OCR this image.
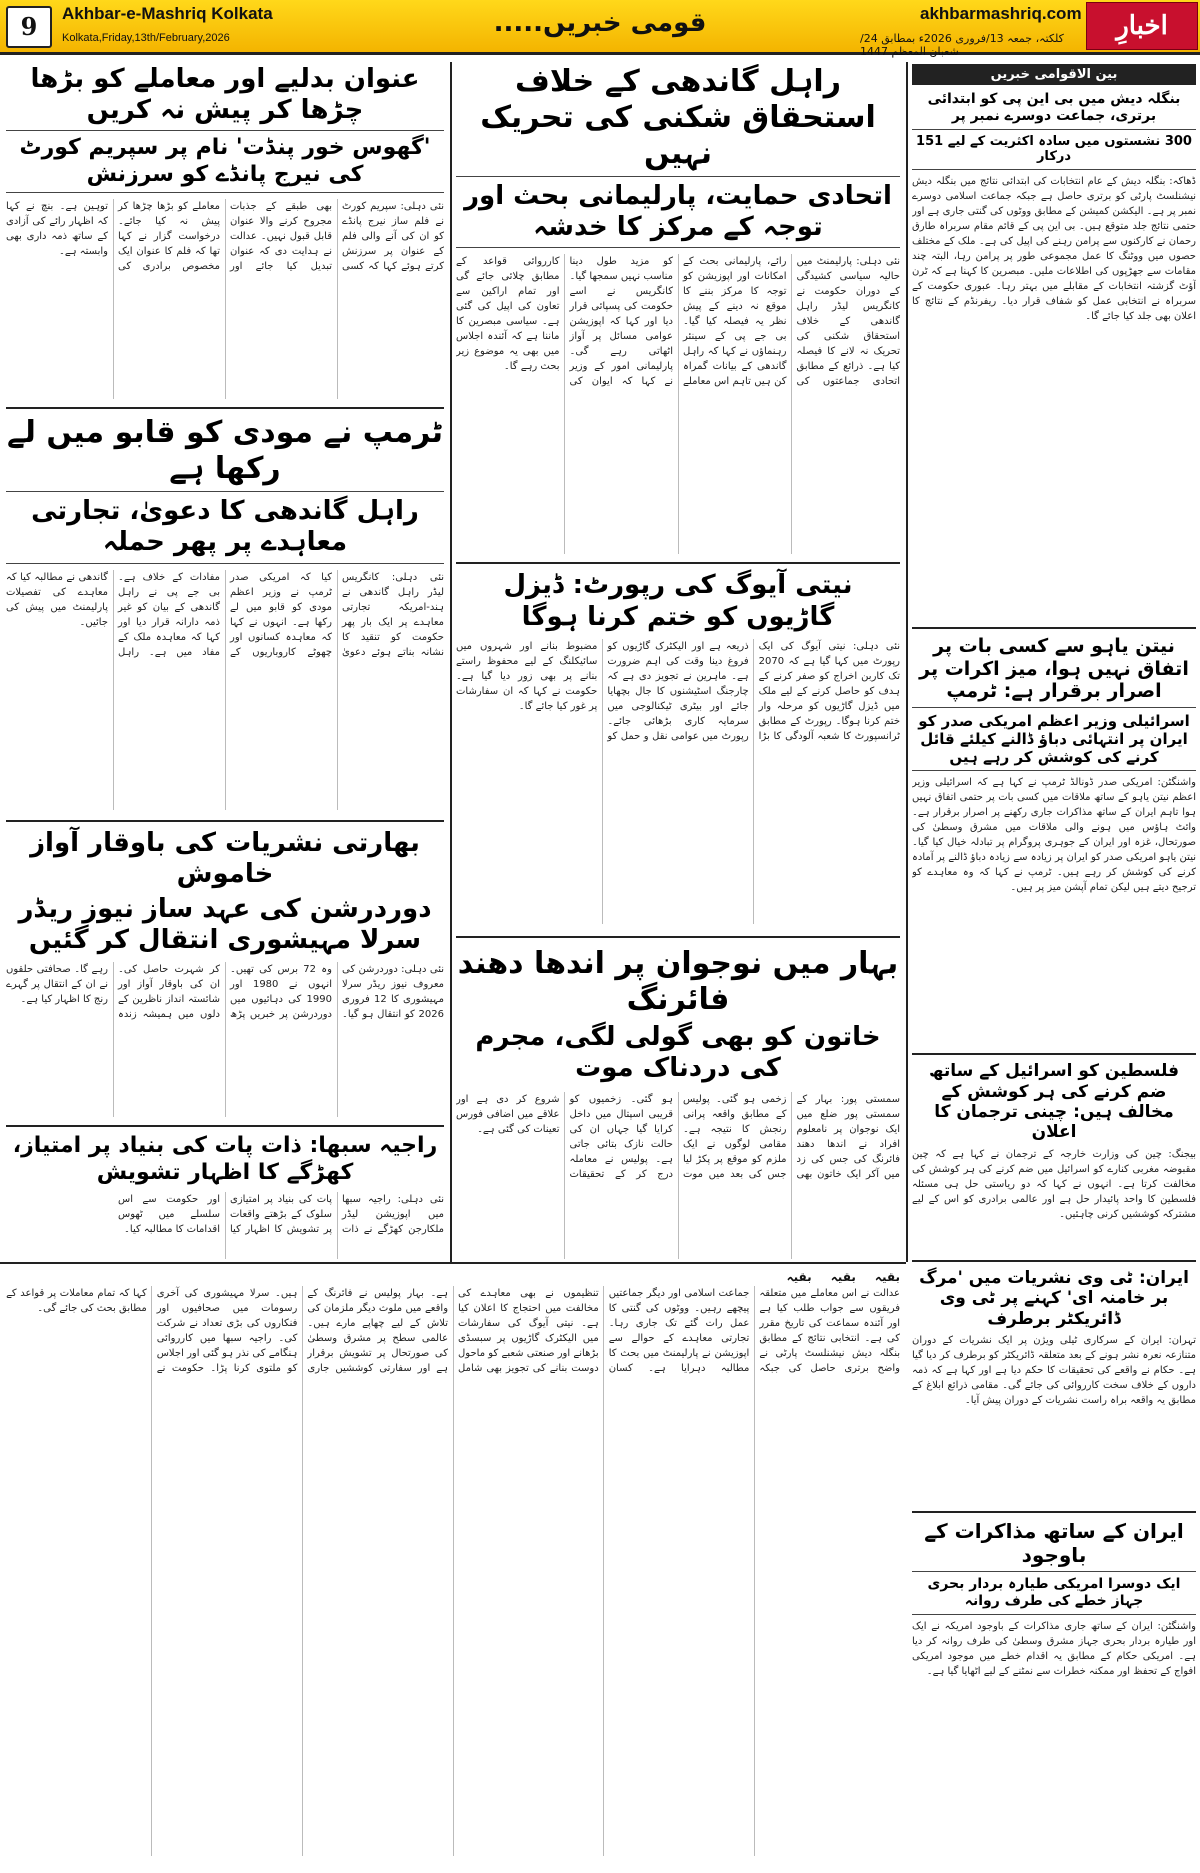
9	Akhbar-e-Mashriq Kolkata
Kolkata,Friday,13th/February,2026	قومی خبریں.....	akhbarmashriq.com
کلکتہ، جمعہ 13/فروری 2026ء بمطابق 24/شعبان المعظم 1447
اخبارِ
بین الاقوامی خبریں
بنگلہ دیش میں بی این پی کو ابتدائی برتری، جماعت دوسرے نمبر پر
300 نشستوں میں سادہ اکثریت کے لیے 151 درکار
ڈھاکہ: بنگلہ دیش کے عام انتخابات کی ابتدائی نتائج میں بنگلہ دیش نیشنلسٹ پارٹی کو برتری حاصل ہے جبکہ جماعت اسلامی دوسرے نمبر پر ہے۔ الیکشن کمیشن کے مطابق ووٹوں کی گنتی جاری ہے اور حتمی نتائج جلد متوقع ہیں۔ بی این پی کے قائم مقام سربراہ طارق رحمان نے کارکنوں سے پرامن رہنے کی اپیل کی ہے۔ ملک کے مختلف حصوں میں ووٹنگ کا عمل مجموعی طور پر پرامن رہا، البتہ چند مقامات سے جھڑپوں کی اطلاعات ملیں۔ مبصرین کا کہنا ہے کہ ٹرن آؤٹ گزشتہ انتخابات کے مقابلے میں بہتر رہا۔ عبوری حکومت کے سربراہ نے انتخابی عمل کو شفاف قرار دیا۔ ریفرنڈم کے نتائج کا اعلان بھی جلد کیا جائے گا۔
نیتن یاہو سے کسی بات پر اتفاق نہیں ہوا، میز اکرات پر اصرار برقرار ہے: ٹرمپ
اسرائیلی وزیر اعظم امریکی صدر کو ایران پر انتہائی دباؤ ڈالنے کیلئے قائل کرنے کی کوشش کر رہے ہیں
واشنگٹن: امریکی صدر ڈونالڈ ٹرمپ نے کہا ہے کہ اسرائیلی وزیر اعظم نیتن یاہو کے ساتھ ملاقات میں کسی بات پر حتمی اتفاق نہیں ہوا تاہم ایران کے ساتھ مذاکرات جاری رکھنے پر اصرار برقرار ہے۔ وائٹ ہاؤس میں ہونے والی ملاقات میں مشرق وسطیٰ کی صورتحال، غزہ اور ایران کے جوہری پروگرام پر تبادلہ خیال کیا گیا۔ نیتن یاہو امریکی صدر کو ایران پر زیادہ سے زیادہ دباؤ ڈالنے پر آمادہ کرنے کی کوشش کر رہے ہیں۔ ٹرمپ نے کہا کہ وہ معاہدے کو ترجیح دیتے ہیں لیکن تمام آپشن میز پر ہیں۔
فلسطین کو اسرائیل کے ساتھ ضم کرنے کی ہر کوشش کے مخالف ہیں: چینی ترجمان کا اعلان
بیجنگ: چین کی وزارت خارجہ کے ترجمان نے کہا ہے کہ چین مقبوضہ مغربی کنارے کو اسرائیل میں ضم کرنے کی ہر کوشش کی مخالفت کرتا ہے۔ انہوں نے کہا کہ دو ریاستی حل ہی مسئلہ فلسطین کا واحد پائیدار حل ہے اور عالمی برادری کو اس کے لیے مشترکہ کوششیں کرنی چاہئیں۔
ایران: ٹی وی نشریات میں 'مرگ بر خامنہ ای' کہنے پر ٹی وی ڈائریکٹر برطرف
تہران: ایران کے سرکاری ٹیلی ویژن پر ایک نشریات کے دوران متنازعہ نعرہ نشر ہونے کے بعد متعلقہ ڈائریکٹر کو برطرف کر دیا گیا ہے۔ حکام نے واقعے کی تحقیقات کا حکم دیا ہے اور کہا ہے کہ ذمہ داروں کے خلاف سخت کارروائی کی جائے گی۔ مقامی ذرائع ابلاغ کے مطابق یہ واقعہ براہ راست نشریات کے دوران پیش آیا۔
ایران کے ساتھ مذاکرات کے باوجود
ایک دوسرا امریکی طیارہ بردار بحری جہاز خطے کی طرف روانہ
واشنگٹن: ایران کے ساتھ جاری مذاکرات کے باوجود امریکہ نے ایک اور طیارہ بردار بحری جہاز مشرق وسطیٰ کی طرف روانہ کر دیا ہے۔ امریکی حکام کے مطابق یہ اقدام خطے میں موجود امریکی افواج کے تحفظ اور ممکنہ خطرات سے نمٹنے کے لیے اٹھایا گیا ہے۔
راہل گاندھی کے خلاف استحقاق شکنی کی تحریک نہیں
اتحادی حمایت، پارلیمانی بحث اور توجہ کے مرکز کا خدشہ
نئی دہلی: پارلیمنٹ میں حالیہ سیاسی کشیدگی کے دوران حکومت نے کانگریس لیڈر راہل گاندھی کے خلاف استحقاق شکنی کی تحریک نہ لانے کا فیصلہ کیا ہے۔ ذرائع کے مطابق اتحادی جماعتوں کی رائے، پارلیمانی بحث کے امکانات اور اپوزیشن کو توجہ کا مرکز بننے کا موقع نہ دینے کے پیش نظر یہ فیصلہ کیا گیا۔ بی جے پی کے سینئر رہنماؤں نے کہا کہ راہل گاندھی کے بیانات گمراہ کن ہیں تاہم اس معاملے کو مزید طول دینا مناسب نہیں سمجھا گیا۔ کانگریس نے اسے حکومت کی پسپائی قرار دیا اور کہا کہ اپوزیشن عوامی مسائل پر آواز اٹھاتی رہے گی۔ پارلیمانی امور کے وزیر نے کہا کہ ایوان کی کارروائی قواعد کے مطابق چلائی جائے گی اور تمام اراکین سے تعاون کی اپیل کی گئی ہے۔ سیاسی مبصرین کا ماننا ہے کہ آئندہ اجلاس میں بھی یہ موضوع زیر بحث رہے گا۔
نیتی آیوگ کی رپورٹ: ڈیزل گاڑیوں کو ختم کرنا ہوگا
نئی دہلی: نیتی آیوگ کی ایک رپورٹ میں کہا گیا ہے کہ 2070 تک کاربن اخراج کو صفر کرنے کے ہدف کو حاصل کرنے کے لیے ملک میں ڈیزل گاڑیوں کو مرحلہ وار ختم کرنا ہوگا۔ رپورٹ کے مطابق ٹرانسپورٹ کا شعبہ آلودگی کا بڑا ذریعہ ہے اور الیکٹرک گاڑیوں کو فروغ دینا وقت کی اہم ضرورت ہے۔ ماہرین نے تجویز دی ہے کہ چارجنگ اسٹیشنوں کا جال بچھایا جائے اور بیٹری ٹیکنالوجی میں سرمایہ کاری بڑھائی جائے۔ رپورٹ میں عوامی نقل و حمل کو مضبوط بنانے اور شہروں میں سائیکلنگ کے لیے محفوظ راستے بنانے پر بھی زور دیا گیا ہے۔ حکومت نے کہا کہ ان سفارشات پر غور کیا جائے گا۔
بہار میں نوجوان پر اندھا دھند فائرنگ
خاتون کو بھی گولی لگی، مجرم کی دردناک موت
سمستی پور: بہار کے سمستی پور ضلع میں ایک نوجوان پر نامعلوم افراد نے اندھا دھند فائرنگ کی جس کی زد میں آکر ایک خاتون بھی زخمی ہو گئی۔ پولیس کے مطابق واقعہ پرانی رنجش کا نتیجہ ہے۔ مقامی لوگوں نے ایک ملزم کو موقع پر پکڑ لیا جس کی بعد میں موت ہو گئی۔ زخمیوں کو قریبی اسپتال میں داخل کرایا گیا جہاں ان کی حالت نازک بتائی جاتی ہے۔ پولیس نے معاملہ درج کر کے تحقیقات شروع کر دی ہے اور علاقے میں اضافی فورس تعینات کی گئی ہے۔
عنوان بدلیے اور معاملے کو بڑھا چڑھا کر پیش نہ کریں
'گھوس خور پنڈت' نام پر سپریم کورٹ کی نیرج پانڈے کو سرزنش
نئی دہلی: سپریم کورٹ نے فلم ساز نیرج پانڈے کو ان کی آنے والی فلم کے عنوان پر سرزنش کرتے ہوئے کہا کہ کسی بھی طبقے کے جذبات مجروح کرنے والا عنوان قابل قبول نہیں۔ عدالت نے ہدایت دی کہ عنوان تبدیل کیا جائے اور معاملے کو بڑھا چڑھا کر پیش نہ کیا جائے۔ درخواست گزار نے کہا تھا کہ فلم کا عنوان ایک مخصوص برادری کی توہین ہے۔ بنچ نے کہا کہ اظہار رائے کی آزادی کے ساتھ ذمہ داری بھی وابستہ ہے۔
ٹرمپ نے مودی کو قابو میں لے رکھا ہے
راہل گاندھی کا دعویٰ، تجارتی معاہدے پر پھر حملہ
نئی دہلی: کانگریس لیڈر راہل گاندھی نے ہند-امریکہ تجارتی معاہدے پر ایک بار پھر حکومت کو تنقید کا نشانہ بناتے ہوئے دعویٰ کیا کہ امریکی صدر ٹرمپ نے وزیر اعظم مودی کو قابو میں لے رکھا ہے۔ انہوں نے کہا کہ معاہدہ کسانوں اور چھوٹے کاروباریوں کے مفادات کے خلاف ہے۔ بی جے پی نے راہل گاندھی کے بیان کو غیر ذمہ دارانہ قرار دیا اور کہا کہ معاہدہ ملک کے مفاد میں ہے۔ راہل گاندھی نے مطالبہ کیا کہ معاہدے کی تفصیلات پارلیمنٹ میں پیش کی جائیں۔
بھارتی نشریات کی باوقار آواز خاموش
دوردرشن کی عہد ساز نیوز ریڈر سرلا مہیشوری انتقال کر گئیں
نئی دہلی: دوردرشن کی معروف نیوز ریڈر سرلا مہیشوری کا 12 فروری 2026 کو انتقال ہو گیا۔ وہ 72 برس کی تھیں۔ انہوں نے 1980 اور 1990 کی دہائیوں میں دوردرشن پر خبریں پڑھ کر شہرت حاصل کی۔ ان کی باوقار آواز اور شائستہ انداز ناظرین کے دلوں میں ہمیشہ زندہ رہے گا۔ صحافتی حلقوں نے ان کے انتقال پر گہرے رنج کا اظہار کیا ہے۔
راجیہ سبھا: ذات پات کی بنیاد پر امتیاز، کھڑگے کا اظہار تشویش
نئی دہلی: راجیہ سبھا میں اپوزیشن لیڈر ملکارجن کھڑگے نے ذات پات کی بنیاد پر امتیازی سلوک کے بڑھتے واقعات پر تشویش کا اظہار کیا اور حکومت سے اس سلسلے میں ٹھوس اقدامات کا مطالبہ کیا۔
بقیہ     بقیہ     بقیہ
عدالت نے اس معاملے میں متعلقہ فریقوں سے جواب طلب کیا ہے اور آئندہ سماعت کی تاریخ مقرر کی ہے۔ انتخابی نتائج کے مطابق بنگلہ دیش نیشنلسٹ پارٹی نے واضح برتری حاصل کی جبکہ جماعت اسلامی اور دیگر جماعتیں پیچھے رہیں۔ ووٹوں کی گنتی کا عمل رات گئے تک جاری رہا۔ تجارتی معاہدے کے حوالے سے اپوزیشن نے پارلیمنٹ میں بحث کا مطالبہ دہرایا ہے۔ کسان تنظیموں نے بھی معاہدے کی مخالفت میں احتجاج کا اعلان کیا ہے۔ نیتی آیوگ کی سفارشات میں الیکٹرک گاڑیوں پر سبسڈی بڑھانے اور صنعتی شعبے کو ماحول دوست بنانے کی تجویز بھی شامل ہے۔ بہار پولیس نے فائرنگ کے واقعے میں ملوث دیگر ملزمان کی تلاش کے لیے چھاپے مارے ہیں۔ عالمی سطح پر مشرق وسطیٰ کی صورتحال پر تشویش برقرار ہے اور سفارتی کوششیں جاری ہیں۔ سرلا مہیشوری کی آخری رسومات میں صحافیوں اور فنکاروں کی بڑی تعداد نے شرکت کی۔ راجیہ سبھا میں کارروائی ہنگامے کی نذر ہو گئی اور اجلاس کو ملتوی کرنا پڑا۔ حکومت نے کہا کہ تمام معاملات پر قواعد کے مطابق بحث کی جائے گی۔
